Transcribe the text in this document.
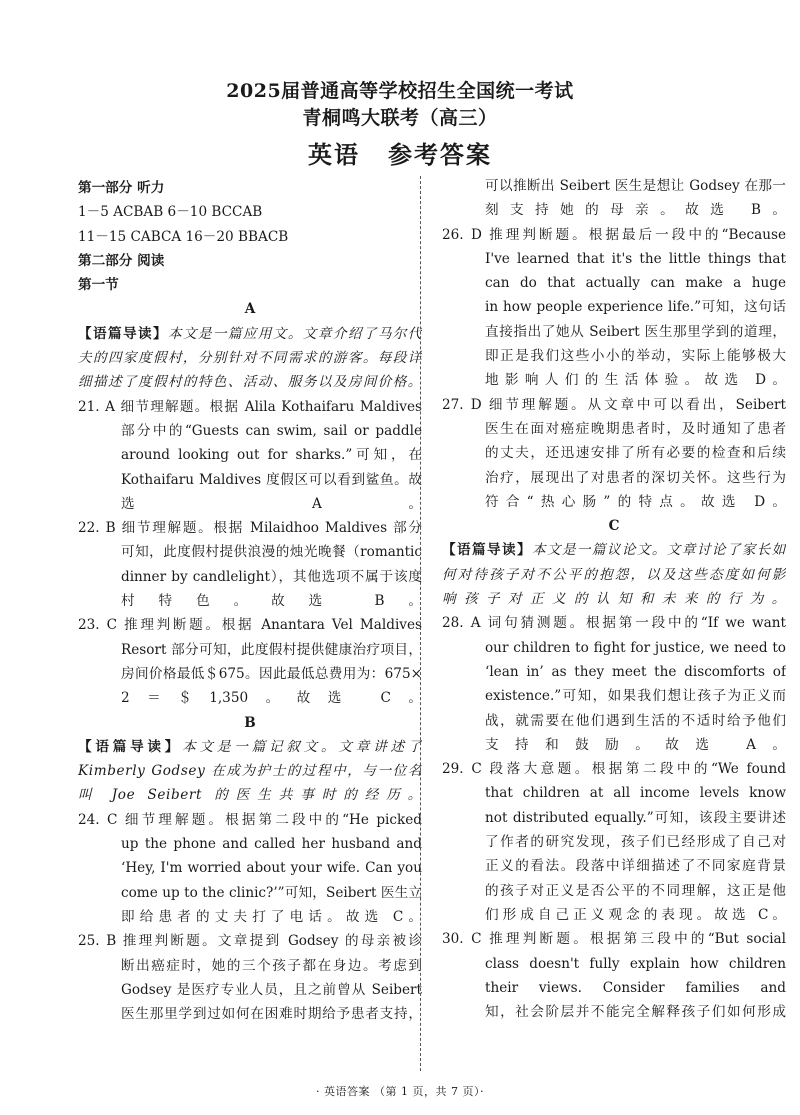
2025届普通高等学校招生全国统一考试
青桐鸣大联考（高三）
英语 参考答案
第一部分 听力
1－5 ACBAB 6－10 BCCAB
11－15 CABCA 16－20 BBACB
第二部分 阅读
第一节
A
【语篇导读】本文是一篇应用文。文章介绍了马尔代
夫的四家度假村，分别针对不同需求的游客。每段详
细描述了度假村的特色、活动、服务以及房间价格。
21. A 细节理解题。根据 Alila Kothaifaru Maldives
部分中的“Guests can swim, sail or paddle
around looking out for sharks.”可知，在
Kothaifaru Maldives 度假区可以看到鲨鱼。故
选 A。
22. B 细节理解题。根据 Milaidhoo Maldives 部分
可知，此度假村提供浪漫的烛光晚餐（romantic
dinner by candlelight），其他选项不属于该度
村特色。故选 B。
23. C 推理判断题。根据 Anantara Vel Maldives
Resort 部分可知，此度假村提供健康治疗项目，
房间价格最低＄675。因此最低总费用为：675×
2＝＄1,350。故选 C。
B
【语篇导读】本文是一篇记叙文。文章讲述了
Kimberly Godsey 在成为护士的过程中，与一位名
叫 Joe Seibert 的医生共事时的经历。
24. C 细节理解题。根据第二段中的“He picked
up the phone and called her husband and
‘Hey, I'm worried about your wife. Can you
come up to the clinic?’”可知，Seibert 医生立
即给患者的丈夫打了电话。故选 C。
25. B 推理判断题。文章提到 Godsey 的母亲被诊
断出癌症时，她的三个孩子都在身边。考虑到
Godsey 是医疗专业人员，且之前曾从 Seibert
医生那里学到过如何在困难时期给予患者支持，
可以推断出 Seibert 医生是想让 Godsey 在那一
刻支持她的母亲。故选 B。
26. D 推理判断题。根据最后一段中的“Because
I've learned that it's the little things that
can do that actually can make a huge
in how people experience life.”可知，这句话
直接指出了她从 Seibert 医生那里学到的道理，
即正是我们这些小小的举动，实际上能够极大
地影响人们的生活体验。故选 D。
27. D 细节理解题。从文章中可以看出，Seibert
医生在面对癌症晚期患者时，及时通知了患者
的丈夫，还迅速安排了所有必要的检查和后续
治疗，展现出了对患者的深切关怀。这些行为
符合“热心肠”的特点。故选 D。
C
【语篇导读】本文是一篇议论文。文章讨论了家长如
何对待孩子对不公平的抱怨，以及这些态度如何影
响孩子对正义的认知和未来的行为。
28. A 词句猜测题。根据第一段中的“If we want
our children to fight for justice, we need to
‘lean in’ as they meet the discomforts of
existence.”可知，如果我们想让孩子为正义而
战，就需要在他们遇到生活的不适时给予他们
支持和鼓励。故选 A。
29. C 段落大意题。根据第二段中的“We found
that children at all income levels know
not distributed equally.”可知，该段主要讲述
了作者的研究发现，孩子们已经形成了自己对
正义的看法。段落中详细描述了不同家庭背景
的孩子对正义是否公平的不同理解，这正是他
们形成自己正义观念的表现。故选 C。
30. C 推理判断题。根据第三段中的“But social
class doesn't fully explain how children
their views. Consider families and
知，社会阶层并不能完全解释孩子们如何形成
· 英语答案 （第 1 页，共 7 页）·
